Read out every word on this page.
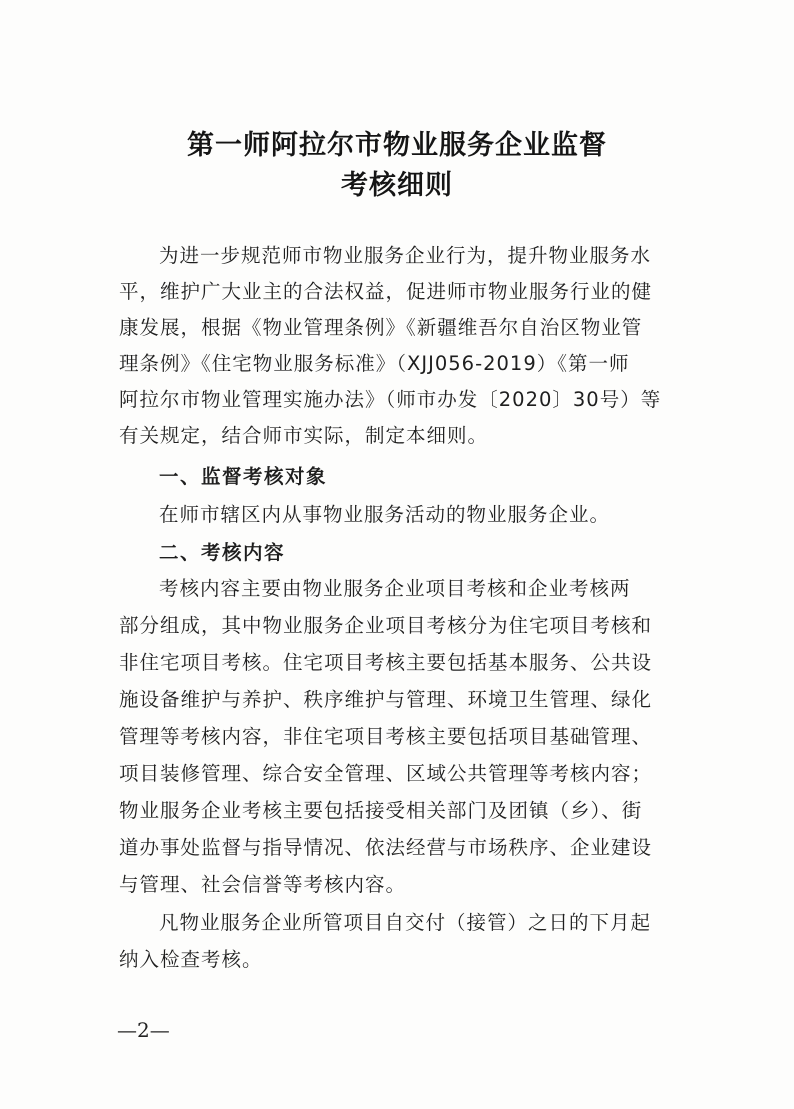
第一师阿拉尔市物业服务企业监督
考核细则
为进一步规范师市物业服务企业行为，提升物业服务水
平，维护广大业主的合法权益，促进师市物业服务行业的健
康发展，根据《物业管理条例》《新疆维吾尔自治区物业管
理条例》《住宅物业服务标准》（XJJ056-2019）《第一师
阿拉尔市物业管理实施办法》（师市办发〔2020〕30号）等
有关规定，结合师市实际，制定本细则。
一、监督考核对象
在师市辖区内从事物业服务活动的物业服务企业。
二、考核内容
考核内容主要由物业服务企业项目考核和企业考核两
部分组成，其中物业服务企业项目考核分为住宅项目考核和
非住宅项目考核。住宅项目考核主要包括基本服务、公共设
施设备维护与养护、秩序维护与管理、环境卫生管理、绿化
管理等考核内容，非住宅项目考核主要包括项目基础管理、
项目装修管理、综合安全管理、区域公共管理等考核内容；
物业服务企业考核主要包括接受相关部门及团镇（乡）、街
道办事处监督与指导情况、依法经营与市场秩序、企业建设
与管理、社会信誉等考核内容。
凡物业服务企业所管项目自交付（接管）之日的下月起
纳入检查考核。
—2—
